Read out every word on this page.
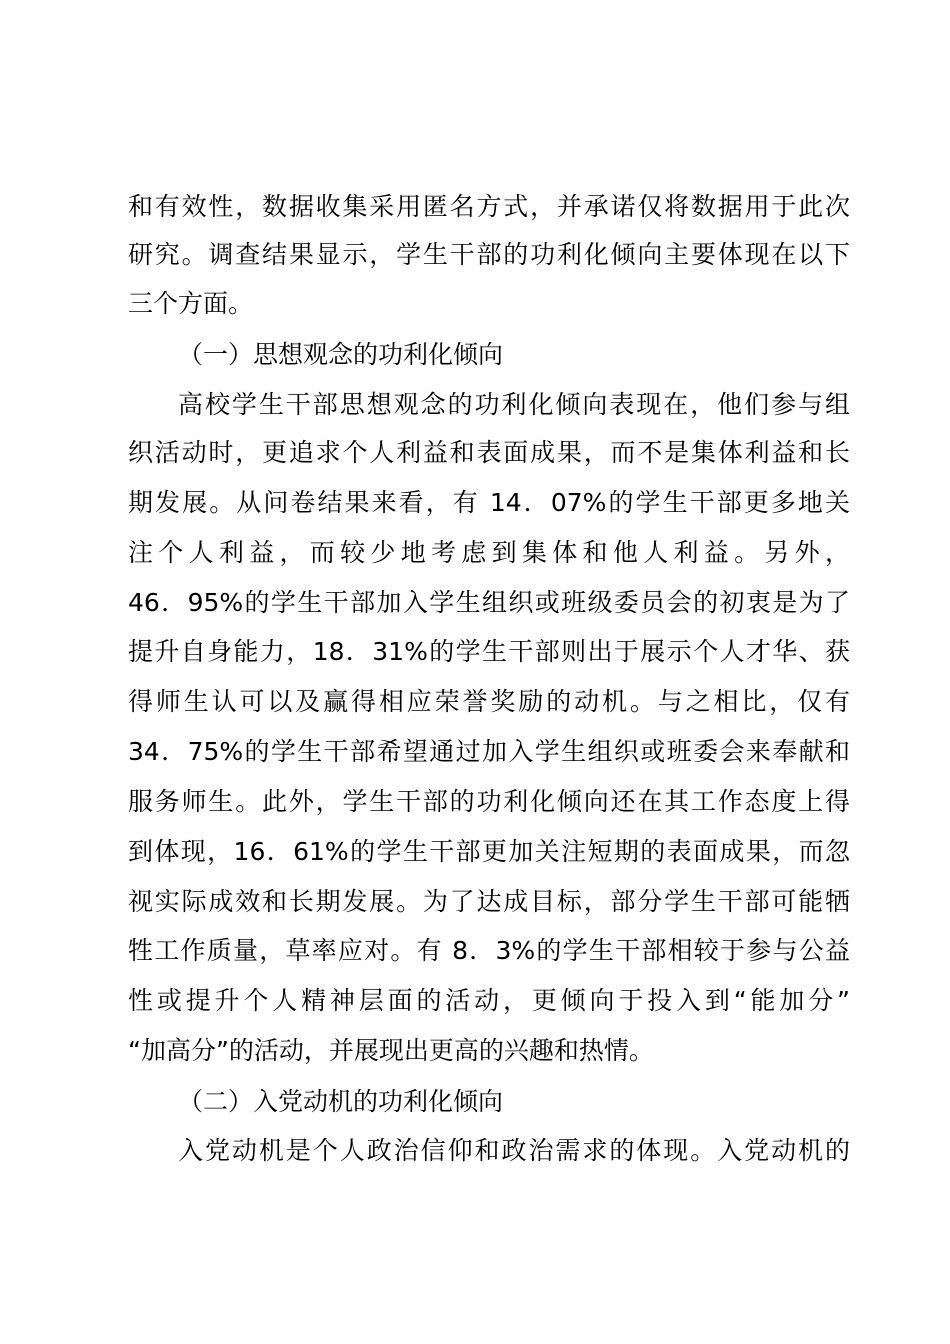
和有效性，数据收集采用匿名方式，并承诺仅将数据用于此次
研究。调查结果显示，学生干部的功利化倾向主要体现在以下
三个方面。
（一）思想观念的功利化倾向
高校学生干部思想观念的功利化倾向表现在，他们参与组
织活动时，更追求个人利益和表面成果，而不是集体利益和长
期发展。从问卷结果来看，有 14．07%的学生干部更多地关
注个人利益，而较少地考虑到集体和他人利益。另外，
46．95%的学生干部加入学生组织或班级委员会的初衷是为了
提升自身能力，18．31%的学生干部则出于展示个人才华、获
得师生认可以及赢得相应荣誉奖励的动机。与之相比，仅有
34．75%的学生干部希望通过加入学生组织或班委会来奉献和
服务师生。此外，学生干部的功利化倾向还在其工作态度上得
到体现，16．61%的学生干部更加关注短期的表面成果，而忽
视实际成效和长期发展。为了达成目标，部分学生干部可能牺
牲工作质量，草率应对。有 8．3%的学生干部相较于参与公益
性或提升个人精神层面的活动，更倾向于投入到“能加分”
“加高分”的活动，并展现出更高的兴趣和热情。
（二）入党动机的功利化倾向
入党动机是个人政治信仰和政治需求的体现。入党动机的
